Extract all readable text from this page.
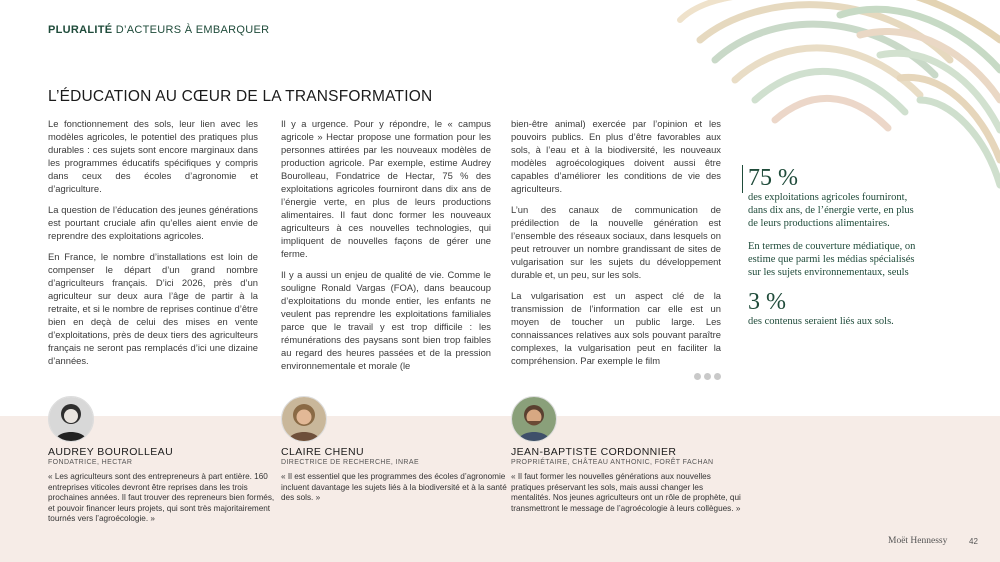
PLURALITÉ D’ACTEURS À EMBARQUER
L’ÉDUCATION AU CŒUR DE LA TRANSFORMATION

Le fonctionnement des sols, leur lien avec les modèles agricoles, le potentiel des pratiques plus durables : ces sujets sont encore marginaux dans les programmes éducatifs spécifiques y compris dans ceux des écoles d’agronomie et d’agriculture.

La question de l’éducation des jeunes générations est pourtant cruciale afin qu’elles aient envie de reprendre des exploitations agricoles.

En France, le nombre d’installations est loin de compenser le départ d’un grand nombre d’agriculteurs français. D’ici 2026, près d’un agriculteur sur deux aura l’âge de partir à la retraite, et si le nombre de reprises continue d’être bien en deçà de celui des mises en vente d’exploitations, près de deux tiers des agriculteurs français ne seront pas remplacés d’ici une dizaine d’années.

Il y a urgence. Pour y répondre, le « campus agricole » Hectar propose une formation pour les personnes attirées par les nouveaux modèles de production agricole. Par exemple, estime Audrey Bourolleau, Fondatrice de Hectar, 75 % des exploitations agricoles fourniront dans dix ans de l’énergie verte, en plus de leurs productions alimentaires. Il faut donc former les nouveaux agriculteurs à ces nouvelles technologies, qui impliquent de nouvelles façons de gérer une ferme.

Il y a aussi un enjeu de qualité de vie. Comme le souligne Ronald Vargas (FOA), dans beaucoup d’exploitations du monde entier, les enfants ne veulent pas reprendre les exploitations familiales parce que le travail y est trop difficile : les rémunérations des paysans sont bien trop faibles au regard des heures passées et de la pression environnementale et morale (le

bien-être animal) exercée par l’opinion et les pouvoirs publics. En plus d’être favorables aux sols, à l’eau et à la biodiversité, les nouveaux modèles agroécologiques doivent aussi être capables d’améliorer les conditions de vie des agriculteurs.

L’un des canaux de communication de prédilection de la nouvelle génération est l’ensemble des réseaux sociaux, dans lesquels on peut retrouver un nombre grandissant de sites de vulgarisation sur les sujets du développement durable et, un peu, sur les sols.

La vulgarisation est un aspect clé de la transmission de l’information car elle est un moyen de toucher un public large. Les connaissances relatives aux sols pouvant paraître complexes, la vulgarisation peut en faciliter la compréhension. Par exemple le film

75 %

des exploitations agricoles fourniront, dans dix ans, de l’énergie verte, en plus de leurs productions alimentaires.

En termes de couverture médiatique, on estime que parmi les médias spécialisés sur les sujets environnementaux, seuls

3 %

des contenus seraient liés aux sols.

AUDREY BOUROLLEAU
FONDATRICE, HECTAR
« Les agriculteurs sont des entrepreneurs à part entière. 160 entreprises viticoles devront être reprises dans les trois prochaines années. Il faut trouver des repreneurs bien formés, et pouvoir financer leurs projets, qui sont très majoritairement tournés vers l’agroécologie. »
CLAIRE CHENU
DIRECTRICE DE RECHERCHE, INRAE
« Il est essentiel que les programmes des écoles d’agronomie incluent davantage les sujets liés à la biodiversité et à la santé des sols. »
JEAN-BAPTISTE CORDONNIER
PROPRIÉTAIRE, CHÂTEAU ANTHONIC, FORÊT FACHAN
« Il faut former les nouvelles générations aux nouvelles pratiques préservant les sols, mais aussi changer les mentalités. Nos jeunes agriculteurs ont un rôle de prophète, qui transmettront le message de l’agroécologie à leurs collègues. »
Moët Hennessy	42
